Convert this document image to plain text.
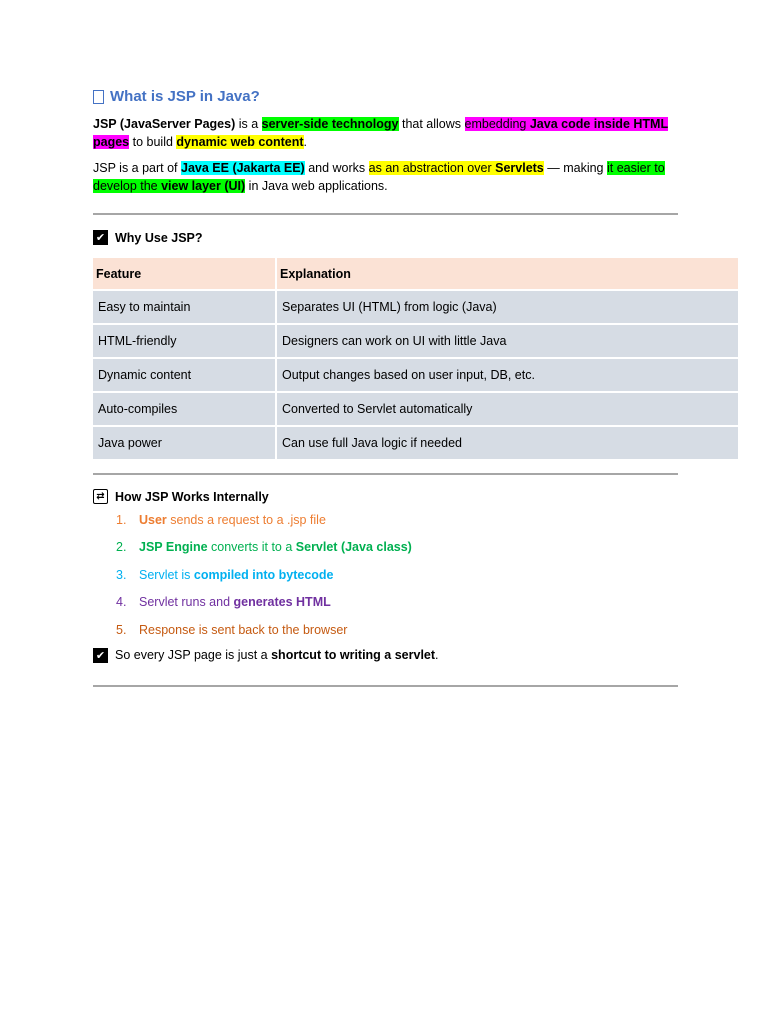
What is JSP in Java?

JSP (JavaServer Pages) is a server-side technology that allows embedding Java code inside HTML pages to build dynamic web content.

JSP is a part of Java EE (Jakarta EE) and works as an abstraction over Servlets — making it easier to develop the view layer (UI) in Java web applications.

✔ Why Use JSP?
Feature	Explanation
Easy to maintain	Separates UI (HTML) from logic (Java)
HTML-friendly	Designers can work on UI with little Java
Dynamic content	Output changes based on user input, DB, etc.
Auto-compiles	Converted to Servlet automatically
Java power	Can use full Java logic if needed
⇄ How JSP Works Internally
1.	User sends a request to a .jsp file
2.	JSP Engine converts it to a Servlet (Java class)
3.	Servlet is compiled into bytecode
4.	Servlet runs and generates HTML
5.	Response is sent back to the browser
✔ So every JSP page is just a shortcut to writing a servlet.
